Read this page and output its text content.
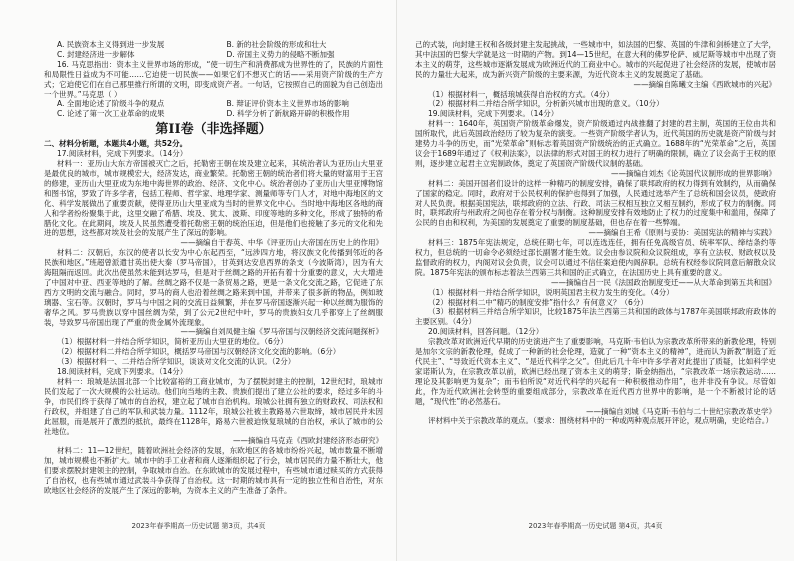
A. 民族资本主义得到进一步发展	B. 新的社会阶级的形成和壮大
C. 封建经济进一步解体	D. 帝国主义势力的侵略不断加强

16. 马克思指出：资本主义世界市场的形成，“使一切生产和消费都成为世界性的了，民族的片面性和局限性日益成为不可能……它迫使一切民族——如果它们不想灭亡的话——采用资产阶级的生产方式；它迫使它们在自己那里推行所谓的文明，即变成资产者。一句话，它按照自己的面貌为自己创造出一个世界。”马克思（ ）

A. 全面地论述了阶级斗争的观点	B. 辩证评价资本主义世界市场的影响
C. 论述了第一次工业革命的成果	D. 科学分析了新航路开辟的积极作用
第II卷（非选择题）

二、材料分析题，本题共4小题，共52分。

17.阅读材料，完成下列要求。（14分）

材料一：亚历山大东方帝国被灭亡之后，托勒密王朝在埃及建立起来，其统治者认为亚历山大里亚是最优良的城市，城市规模宏大，经济发达，商业繁荣。托勒密王朝的统治者们将大量的财富用于王宫的修建，亚历山大里亚成为东地中海世界的政治、经济、文化中心。统治者创办了亚历山大里亚博物馆和图书馆，罗致了许多学者，包括工程师、哲学家、地理学家、测量师等专门人才，对地中海地区的文化、科学发展做出了重要贡献，使得亚历山大里亚成为当时的世界文化中心。当时地中海地区各地的商人和学者纷纷聚集于此，这里交融了希腊、埃及、犹太、波斯、印度等地的多种文化，形成了独特的希腊化文化。在此期间，埃及人民虽然遭受着托勒密王朝的统治压迫，但是他们也接触了多元的文化和先进的思想，这些都对埃及社会的发展产生了深远的影响。

——摘编自于春英、中华《评亚历山大帝国在历史上的作用》

材料二：汉朝后，东汉的使者以长安为中心东起西至，“远涉四方地，将汉族文化传播到邻近的各民族和地区。”班超曾派遣甘英出使大秦（罗马帝国），甘英到达安息西界的条支（今波斯湾），因为有大海阻隔而返回。此次出使虽然未能到达罗马，但是对于丝绸之路的开拓有着十分重要的意义，大大增进了中国对中亚、西亚等地的了解。丝绸之路不仅是一条贸易之路，更是一条文化交流之路，它促进了东西方文明的交流与融合。同时，罗马的商人也沿着丝绸之路来到中国，并带来了很多新的物品，例如玻璃器、宝石等。汉朝时，罗马与中国之间的交流日益频繁，并在罗马帝国逐渐兴起一种以丝绸为服饰的奢华之风。罗马贵族以穿中国丝绸为荣，到了公元2世纪中叶，罗马的贵族妇女几乎都穿上了丝绸服装，导致罗马帝国出现了严重的贵金属外流现象。

——摘编自刘凤健主编《罗马帝国与汉朝经济交流问题探析》

（1）根据材料一并结合所学知识，简析亚历山大里亚的地位。（6分）

（2）根据材料二并结合所学知识，概括罗马帝国与汉朝经济文化交流的影响。（6分）

（3）根据材料一、二并结合所学知识，谈谈对文化交流的认识。（2分）

18.阅读材料，完成下列要求。（14分）

材料一：琅城是法国北部一个比较富裕的工商业城市，为了摆脱封建主的控制，12世纪时，琅城市民们发起了一次大规模的公社运动。他们向当地的主教、贵族们提出了建立公社的要求，经过多年的斗争，市民们终于获得了城市的自治权，建立起了城市自治机构。琅城公社拥有独立的财政权、司法权和行政权，并组建了自己的军队和武装力量。1112年，琅城公社被主教路易六世取缔，城市居民并未因此屈服，而是展开了激烈的抵抗，最终在1128年，路易六世被迫恢复琅城的自治权，承认了城市的公社地位。

——摘编自马克垚《西欧封建经济形态研究》

材料二：11—12世纪，随着欧洲社会经济的发展，东欧地区的各城市纷纷兴起，城市数量不断增加，城市规模也不断扩大。城市中的手工业者和商人逐渐组织起了行会，城市居民的力量不断壮大，他们要求摆脱封建领主的控制，争取城市自治。在东欧城市的发展过程中，有些城市通过赎买的方式获得了自治权，也有些城市通过武装斗争获得了自治权。这一时期的城市具有一定的独立性和自治性，对东欧地区社会经济的发展产生了深远的影响，为资本主义的产生准备了条件。

2023年春季期高一历史试题 第3页，共4页

己的式装，向封建王权和各级封建主发起挑战，一些城市中，如法国的巴黎、英国的牛津和剑桥建立了大学，其中法国的巴黎大学就是这一时期的产物。到14—15世纪，在意大利的佛罗伦萨、威尼斯等城市中出现了资本主义的萌芽，这些城市逐渐发展成为欧洲近代的工商业中心。城市的兴起促进了社会经济的发展，使城市居民的力量壮大起来，成为新兴资产阶级的主要来源，为近代资本主义的发展奠定了基础。

——摘编自陈曦文主编《西欧城市的兴起》

（1）根据材料一，概括琅城获得自治权的方式。（4分）

（2）根据材料二并结合所学知识，分析新兴城市出现的意义。（10分）

19.阅读材料，完成下列要求。（14分）

材料一：1640年，英国资产阶级革命爆发，资产阶级通过内战推翻了封建的君主制，英国的王位由共和国所取代，此后英国政治经历了较为复杂的演变。一些资产阶级学者认为，近代英国的历史就是资产阶级与封建势力斗争的历史，而“光荣革命”则标志着英国资产阶级统治的正式确立。1688年的“光荣革命”之后，英国议会于1689年通过了《权利法案》，以法律的形式对国王的权力进行了明确的限制，确立了议会高于王权的原则，逐步建立起君主立宪制政体，奠定了英国资产阶级代议制的基础。

——摘编自刘杰《论英国代议制形成的世界影响》

材料二：美国开国者们设计的这样一种精巧的制度安排，确保了联邦政府的权力得到有效制约，从而确保了国家的稳定。同时，政府对于公民权利的保护也得到了加强，人民通过选举产生了总统和国会议员，使政府对人民负责。根据美国宪法，联邦政府的立法、行政、司法三权相互独立又相互制约，形成了权力的制衡。同时，联邦政府与州政府之间也存在着分权与制衡。这种制度安排有效地防止了权力的过度集中和滥用，保障了公民的自由和权利，为美国的发展奠定了重要的制度基础，但也存在着一些弊端。

——摘编自王希《原则与妥协：美国宪法的精神与实践》

材料三：1875年宪法规定，总统任期七年，可以连选连任，拥有任免高级官员、统率军队、缔结条约等权力，但总统的一切命令必须经过部长副署才能生效。议会由参议院和众议院组成，享有立法权、财政权以及监督政府的权力，内阁对议会负责，议会可以通过不信任案迫使内阁辞职。总统有权经参议院同意后解散众议院。1875年宪法的颁布标志着法兰西第三共和国的正式确立，在法国历史上具有重要的意义。

——摘编自吕一民《法国政治制度变迁——从大革命到第五共和国》

（1）根据材料一并结合所学知识，说明英国君主权力发生的变化。（4分）

（2）根据材料二中“精巧的制度安排”指什么？有何意义？（6分）

（3）根据材料三并结合所学知识，比较1875年法兰西第三共和国的政体与1787年美国联邦政府政体的主要区别。（4分）

20.阅读材料，回答问题。（12分）

宗教改革对欧洲近代早期的历史演进产生了重要影响，马克斯·韦伯认为宗教改革所带来的新教伦理，特别是加尔文宗的新教伦理，促成了一种新的社会伦理，造就了一种“资本主义的精神”，进而认为新教“制造了近代民主”、“导致近代资本主义”、“是近代科学之父”。但此后几十年中许多学者对此提出了质疑，比如科学史家诺斯认为，在宗教改革以前，欧洲已经出现了资本主义的萌芽；斯金纳指出，“宗教改革一场宗教运动……理论及其影响更为复杂”；而韦伯所说“对近代科学的兴起有一种积极推动作用”，也并非没有争议。尽管如此，作为近代欧洲社会转型的重要组成部分，宗教改革在近代西方世界中的影响，是一个不断被讨论的话题，“现代性”的必然基石。

——摘编自刘城《马克斯·韦伯与二十世纪宗教改革史学》

评材料中关于宗教改革的观点。（要求：围绕材料中的一种或两种观点展开评论，观点明确，史论结合。）

2023年春季期高一历史试题 第4页，共4页
